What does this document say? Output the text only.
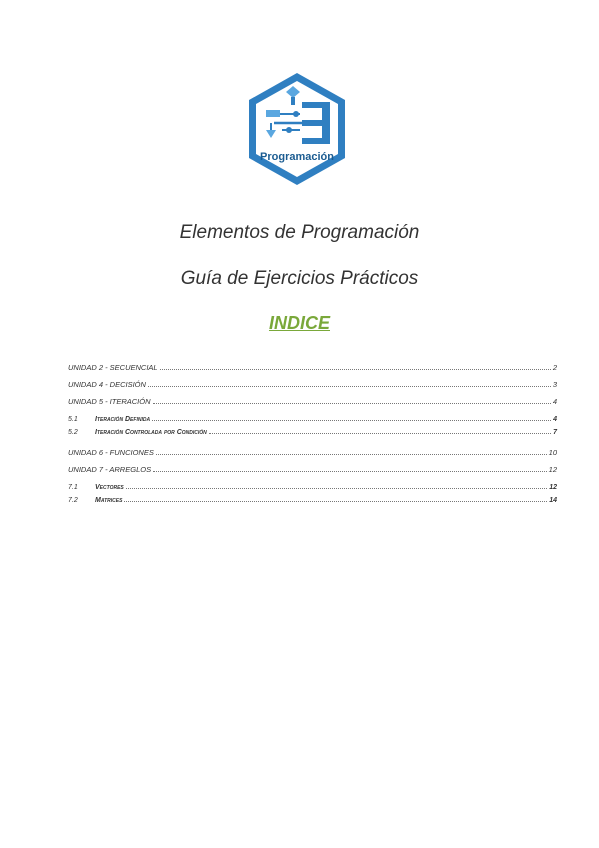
Programación
Elementos de Programación
Guía de Ejercicios Prácticos
INDICE
UNIDAD 2 - SECUENCIAL	2
UNIDAD 4 - DECISIÓN	3
UNIDAD 5 - ITERACIÓN	4
5.1	Iteración Definida	4
5.2	Iteración Controlada por Condición	7
UNIDAD 6 - FUNCIONES	10
UNIDAD 7 - ARREGLOS	12
7.1	Vectores	12
7.2	Matrices	14
